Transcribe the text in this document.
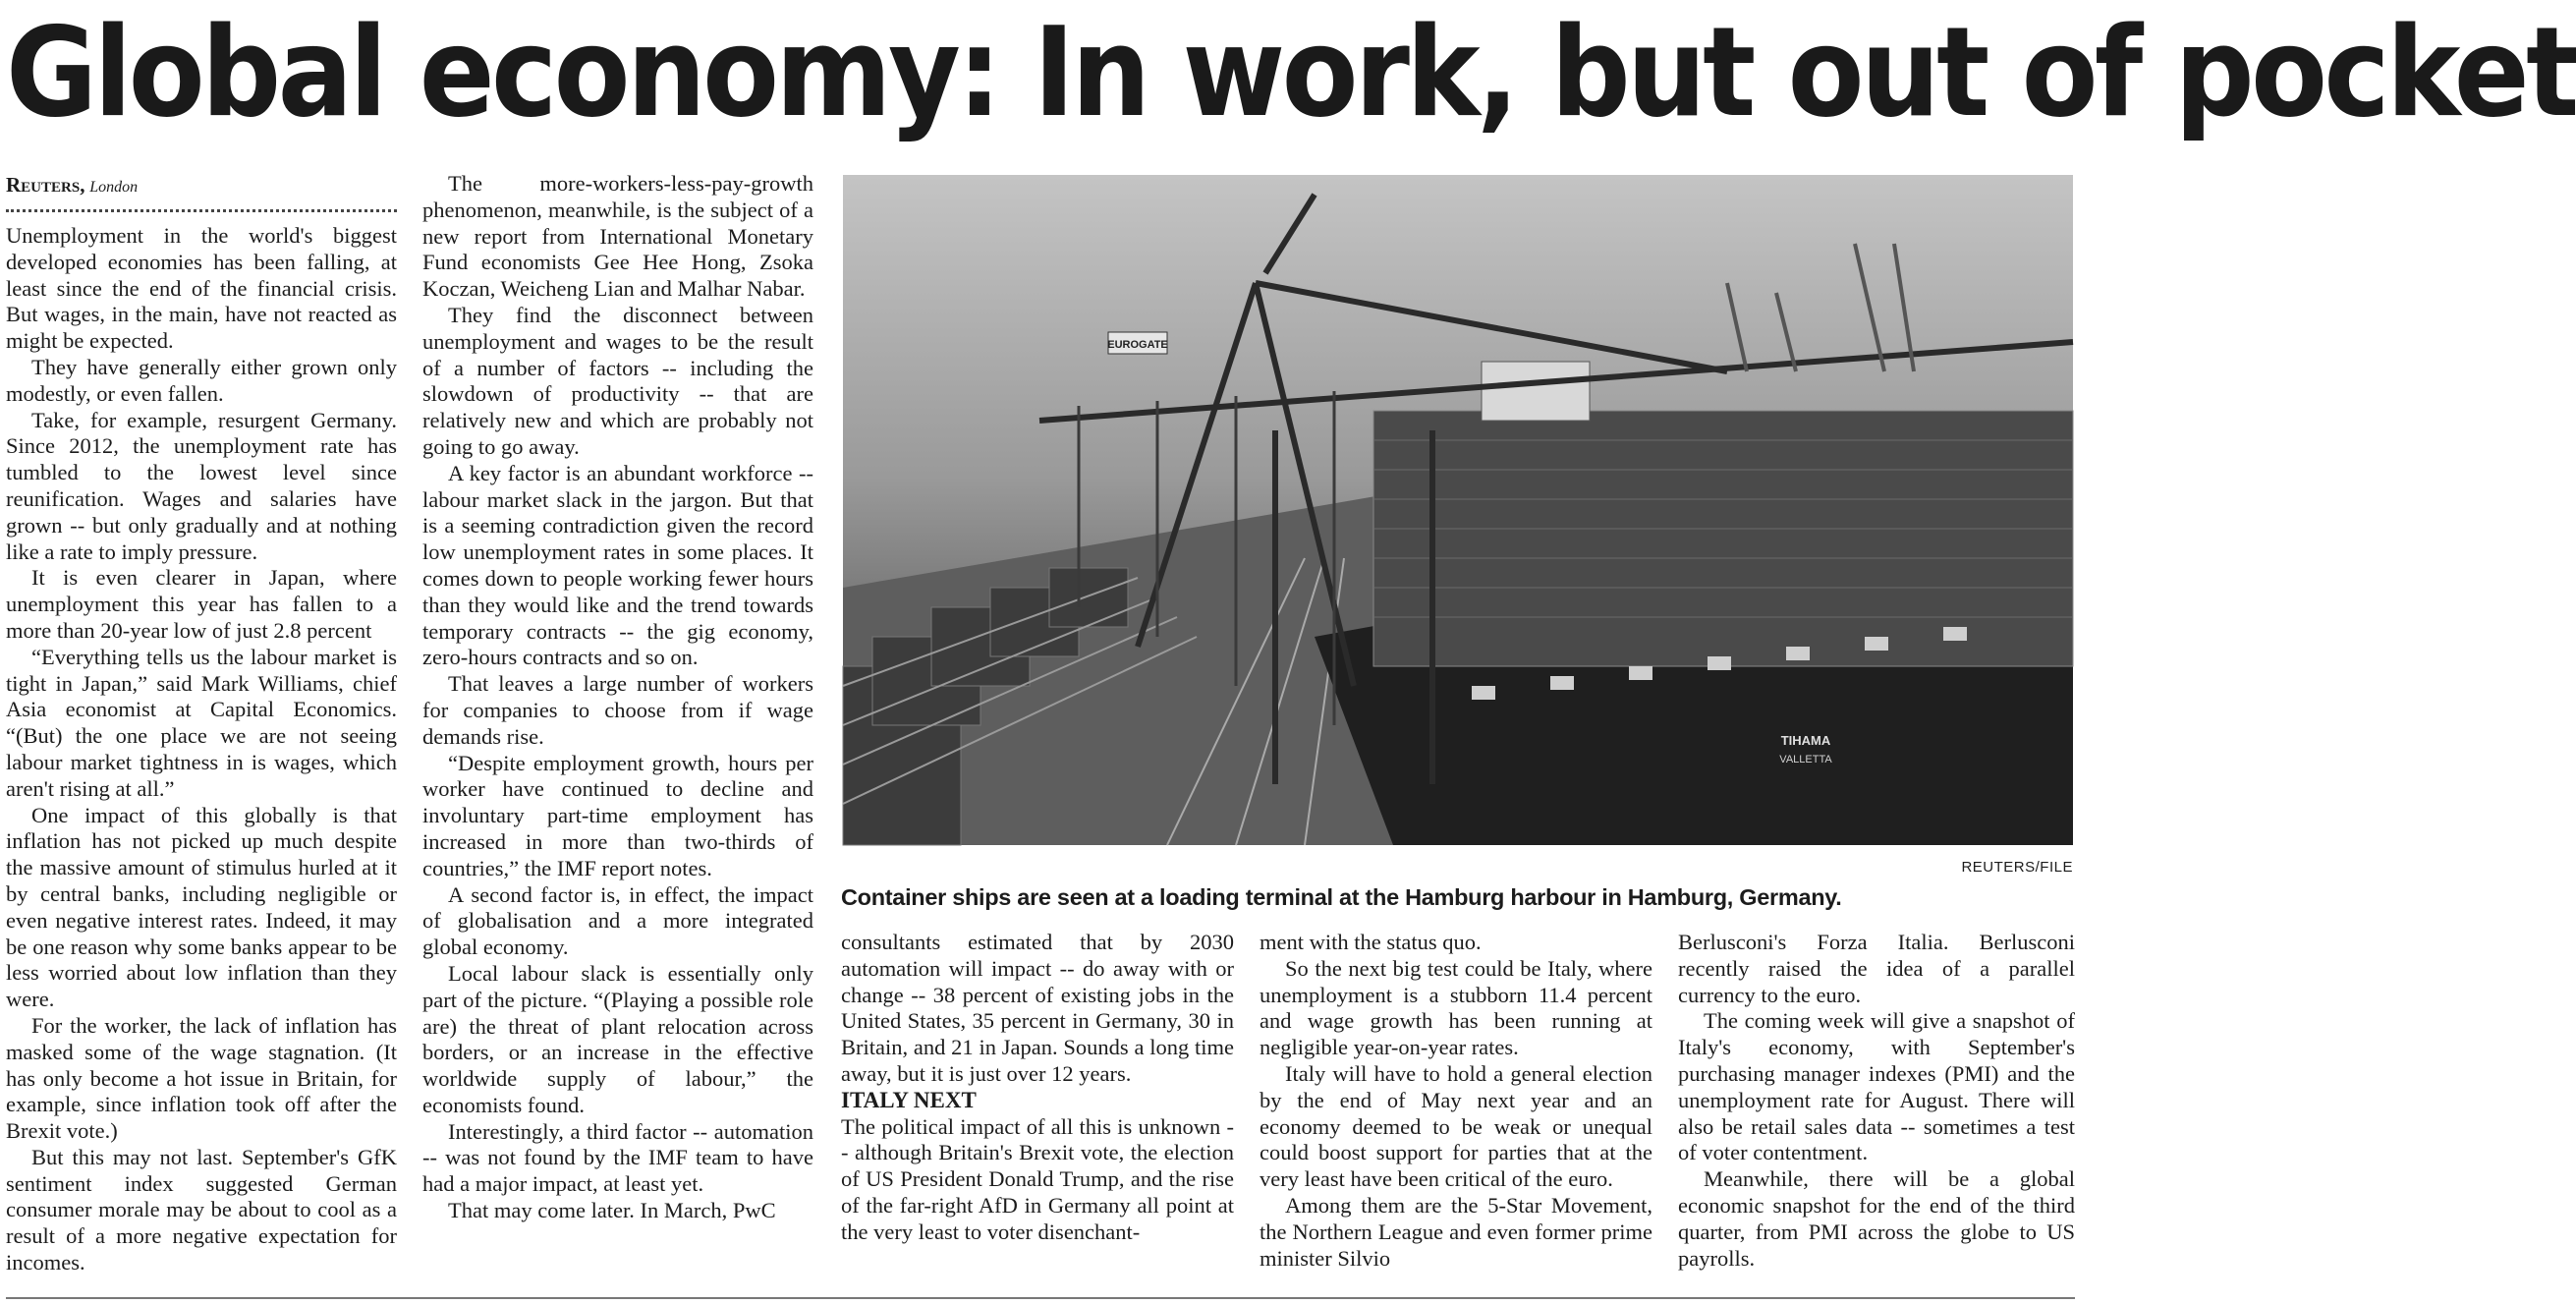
Global economy: In work, but out of pocket
Reuters, London

Unemployment in the world's biggest developed economies has been falling, at least since the end of the financial crisis. But wages, in the main, have not reacted as might be expected.

They have generally either grown only modestly, or even fallen.

Take, for example, resurgent Germany. Since 2012, the unemployment rate has tumbled to the lowest level since reunification. Wages and salaries have grown -- but only gradually and at nothing like a rate to imply pressure.

It is even clearer in Japan, where unemployment this year has fallen to a more than 20-year low of just 2.8 percent

“Everything tells us the labour market is tight in Japan,” said Mark Williams, chief Asia economist at Capital Economics. “(But) the one place we are not seeing labour market tightness in is wages, which aren't rising at all.”

One impact of this globally is that inflation has not picked up much despite the massive amount of stimulus hurled at it by central banks, including negligible or even negative interest rates. Indeed, it may be one reason why some banks appear to be less worried about low inflation than they were.

For the worker, the lack of inflation has masked some of the wage stagnation. (It has only become a hot issue in Britain, for example, since inflation took off after the Brexit vote.)

But this may not last. September's GfK sentiment index suggested German consumer morale may be about to cool as a result of a more negative expectation for incomes.

The more-workers-less-pay-growth phenomenon, meanwhile, is the subject of a new report from International Monetary Fund economists Gee Hee Hong, Zsoka Koczan, Weicheng Lian and Malhar Nabar.

They find the disconnect between unemployment and wages to be the result of a number of factors -- including the slowdown of productivity -- that are relatively new and which are probably not going to go away.

A key factor is an abundant workforce -- labour market slack in the jargon. But that is a seeming contradiction given the record low unemployment rates in some places. It comes down to people working fewer hours than they would like and the trend towards temporary contracts -- the gig economy, zero-hours contracts and so on.

That leaves a large number of workers for companies to choose from if wage demands rise.

“Despite employment growth, hours per worker have continued to decline and involuntary part-time employment has increased in more than two-thirds of countries,” the IMF report notes.

A second factor is, in effect, the impact of globalisation and a more integrated global economy.

Local labour slack is essentially only part of the picture. “(Playing a possible role are) the threat of plant relocation across borders, or an increase in the effective worldwide supply of labour,” the economists found.

Interestingly, a third factor -- automation -- was not found by the IMF team to have had a major impact, at least yet.

That may come later. In March, PwC

EUROGATE
TIHAMA
VALLETTA
REUTERS/FILE
Container ships are seen at a loading terminal at the Hamburg harbour in Hamburg, Germany.

consultants estimated that by 2030 automation will impact -- do away with or change -- 38 percent of existing jobs in the United States, 35 percent in Germany, 30 in Britain, and 21 in Japan. Sounds a long time away, but it is just over 12 years.

ITALY NEXT

The political impact of all this is unknown -- although Britain's Brexit vote, the election of US President Donald Trump, and the rise of the far-right AfD in Germany all point at the very least to voter disenchant-

ment with the status quo.

So the next big test could be Italy, where unemployment is a stubborn 11.4 percent and wage growth has been running at negligible year-on-year rates.

Italy will have to hold a general election by the end of May next year and an economy deemed to be weak or unequal could boost support for parties that at the very least have been critical of the euro.

Among them are the 5-Star Movement, the Northern League and even former prime minister Silvio

Berlusconi's Forza Italia. Berlusconi recently raised the idea of a parallel currency to the euro.

The coming week will give a snapshot of Italy's economy, with September's purchasing manager indexes (PMI) and the unemployment rate for August. There will also be retail sales data -- sometimes a test of voter contentment.

Meanwhile, there will be a global economic snapshot for the end of the third quarter, from PMI across the globe to US payrolls.
